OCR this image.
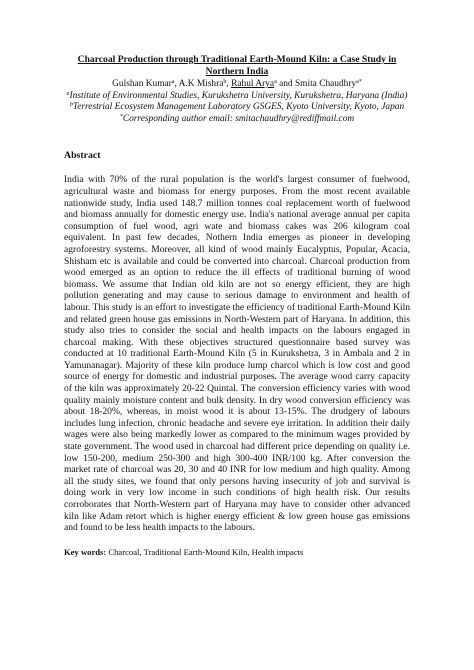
Charcoal Production through Traditional Earth-Mound Kiln: a Case Study in Northern India
Gulshan Kumar$^a$, A.K Mishra$^b$, Rahul Arya$^a$ and Smita Chaudhry$^{a*}$
$^a$Institute of Environmental Studies, Kurukshetra University, Kurukshetra, Haryana (India)
$^b$Terrestrial Ecosystem Management Laboratory GSGES, Kyoto University, Kyoto, Japan
*Corresponding author email: smitachaudhry@rediffmail.com
Abstract

India with 70% of the rural population is the world's largest consumer of fuelwood, agricultural waste and biomass for energy purposes. From the most recent available nationwide study, India used 148.7 million tonnes coal replacement worth of fuelwood and biomass annually for domestic energy use. India's national average annual per capita consumption of fuel wood, agri wate and biomass cakes was 206 kilogram coal equivalent. In past few decades, Nothern India emerges as pioneer in developing agroforestry systems. Moreover, all kind of wood mainly Eucalyptus, Popular, Acacia, Shisham etc is available and could be converted into charcoal. Charcoal production from wood emerged as an option to reduce the ill effects of traditional burning of wood biomass. We assume that Indian old kiln are not so energy efficient, they are high pollution generating and may cause to serious damage to environment and health of labour. This study is an effort to investigate the efficiency of traditional Earth-Mound Kiln and related green house gas emissions in North-Western part of Haryana. In addition, this study also tries to consider the social and health impacts on the labours engaged in charcoal making. With these objectives structured questionnaire based survey was conducted at 10 traditional Earth-Mound Kiln (5 in Kurukshetra, 3 in Ambala and 2 in Yamunanagar). Majority of these kiln produce lump charcol which is low cost and good source of energy for domestic and industrial purposes. The average wood carry capacity of the kiln was approximately 20-22 Quintal. The conversion efficiency varies with wood quality mainly moisture content and bulk density. In dry wood conversion efficiency was about 18-20%, whereas, in moist wood it is about 13-15%. The drudgery of labours includes lung infection, chronic headache and severe eye irritation. In addition their daily wages were also being markedly lower as compared to the minimum wages provided by state government. The wood used in charcoal had different price depending on quality i.e. low 150-200, medium 250-300 and high 300-400 INR/100 kg. After conversion the market rate of charcoal was 20, 30 and 40 INR for low medium and high quality. Among all the study sites, we found that only persons having insecurity of job and survival is doing work in very low income in such conditions of high health risk. Our results corroborates that North-Western part of Haryana may have to consider other advanced kiln like Adam retort which is higher energy efficient & low green house gas emissions and found to be less health impacts to the labours.

Key words: Charcoal, Traditional Earth-Mound Kiln, Health impacts
